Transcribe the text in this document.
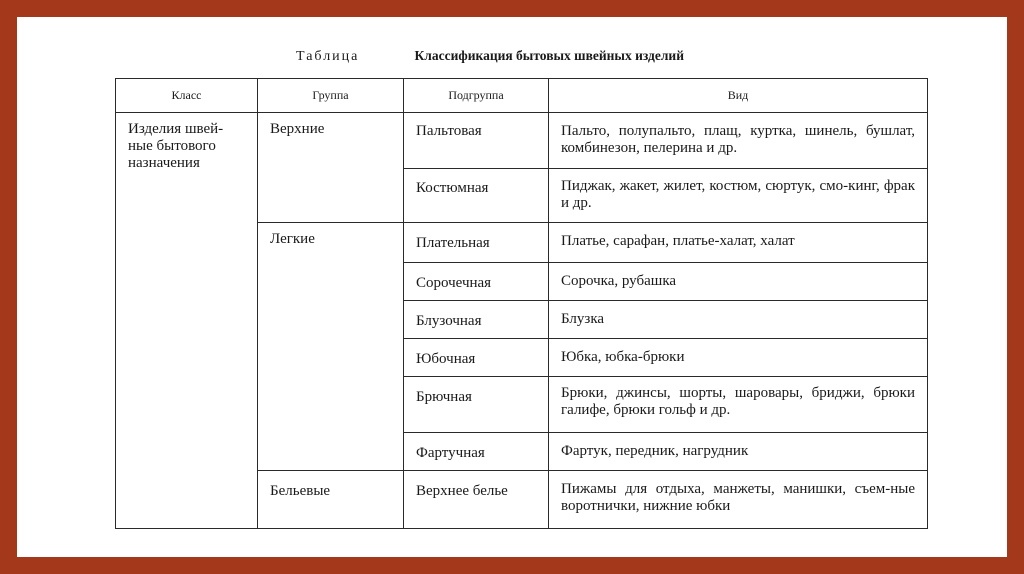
Таблица	Классификация бытовых швейных изделий
Класс	Группа	Подгруппа	Вид

Изделия швей-ные бытового назначения	Верхние	Пальтовая	Пальто, полупальто, плащ, куртка, шинель, бушлат, комбинезон, пелерина и др.

		Костюмная	Пиджак, жакет, жилет, костюм, сюртук, смо-кинг, фрак и др.

	Легкие	Плательная	Платье, сарафан, платье-халат, халат

		Сорочечная	Сорочка, рубашка

		Блузочная	Блузка

		Юбочная	Юбка, юбка-брюки

		Брючная	Брюки, джинсы, шорты, шаровары, бриджи, брюки галифе, брюки гольф и др.

		Фартучная	Фартук, передник, нагрудник

	Бельевые	Верхнее белье	Пижамы для отдыха, манжеты, манишки, съем-ные воротнички, нижние юбки
